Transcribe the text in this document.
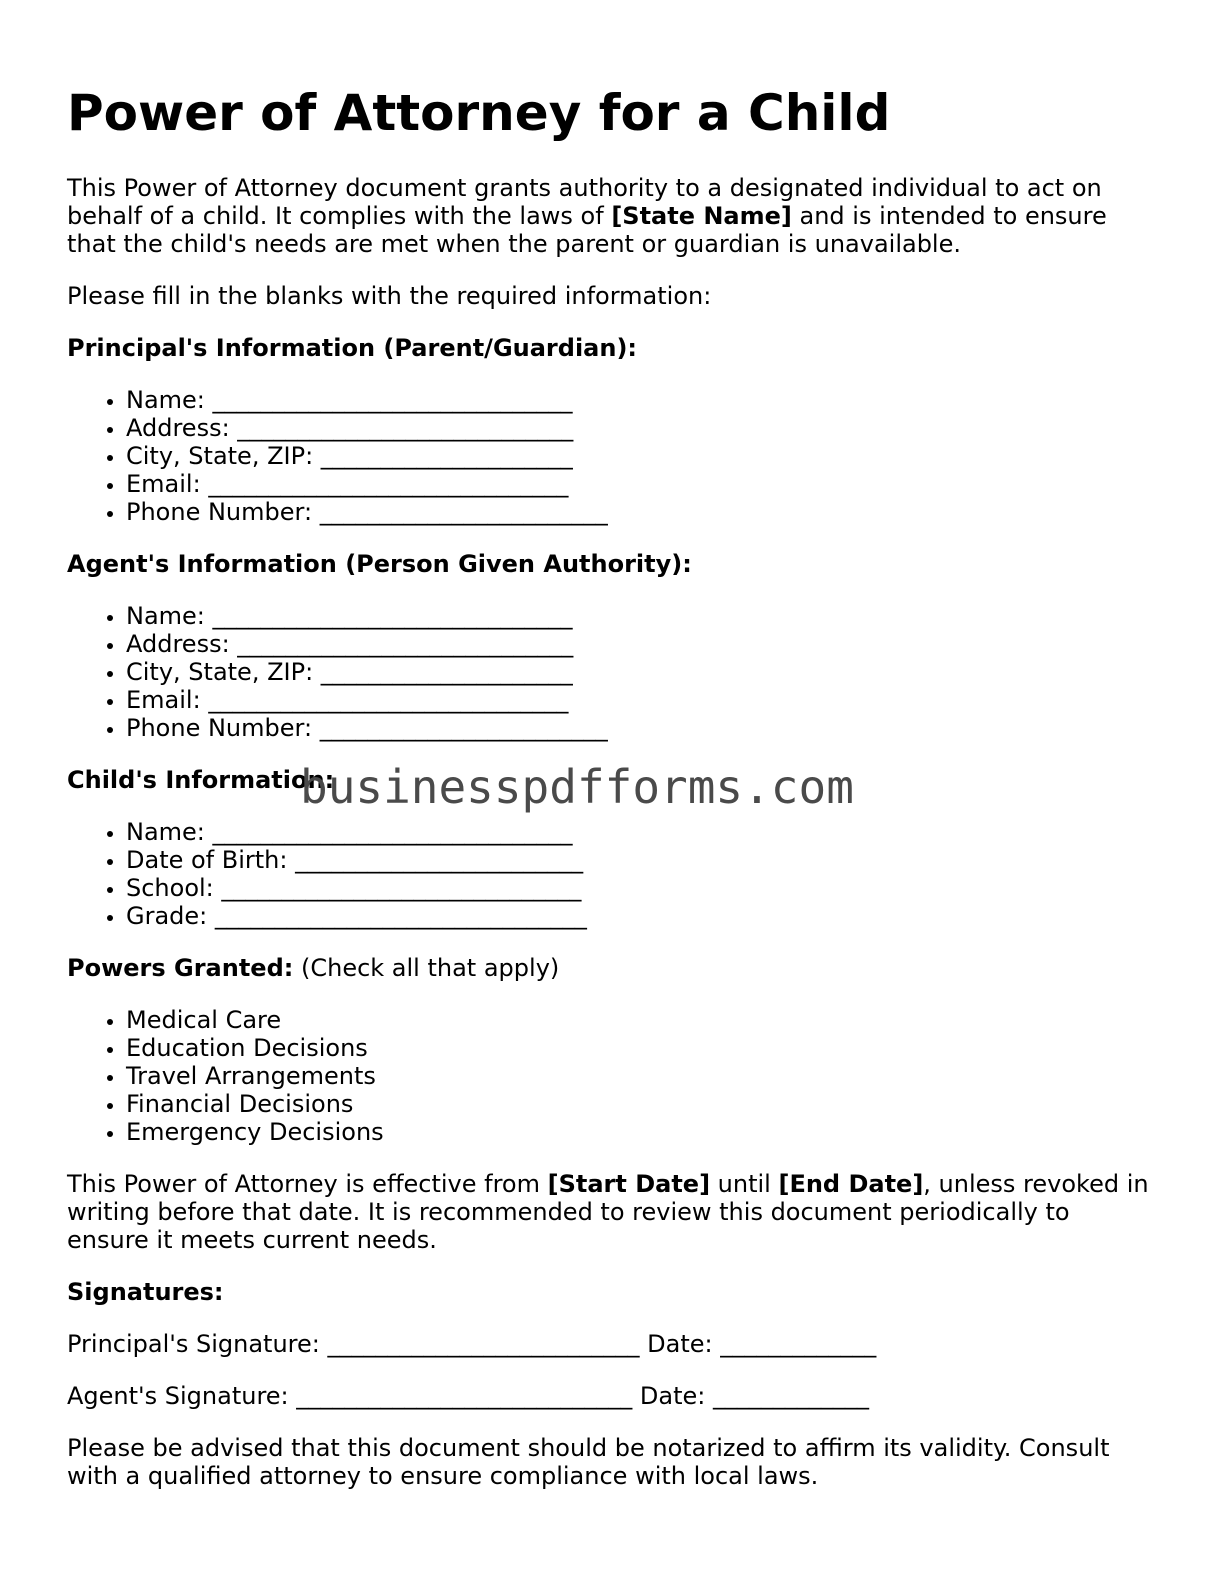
Power of Attorney for a Child

This Power of Attorney document grants authority to a designated individual to act on behalf of a child. It complies with the laws of [State Name] and is intended to ensure that the child's needs are met when the parent or guardian is unavailable.

Please fill in the blanks with the required information:

Principal's Information (Parent/Guardian):
• Name: ______________________________
• Address: ____________________________
• City, State, ZIP: _____________________
• Email: ______________________________
• Phone Number: ________________________
Agent's Information (Person Given Authority):
• Name: ______________________________
• Address: ____________________________
• City, State, ZIP: _____________________
• Email: ______________________________
• Phone Number: ________________________
Child's Information:
• Name: ______________________________
• Date of Birth: ________________________
• School: ______________________________
• Grade: _______________________________

Powers Granted: (Check all that apply)

• Medical Care
• Education Decisions
• Travel Arrangements
• Financial Decisions
• Emergency Decisions

This Power of Attorney is effective from [Start Date] until [End Date], unless revoked in writing before that date. It is recommended to review this document periodically to ensure it meets current needs.

Signatures:
Principal's Signature: __________________________ Date: _____________
Agent's Signature: ____________________________ Date: _____________

Please be advised that this document should be notarized to affirm its validity. Consult with a qualified attorney to ensure compliance with local laws.

businesspdfforms.com
